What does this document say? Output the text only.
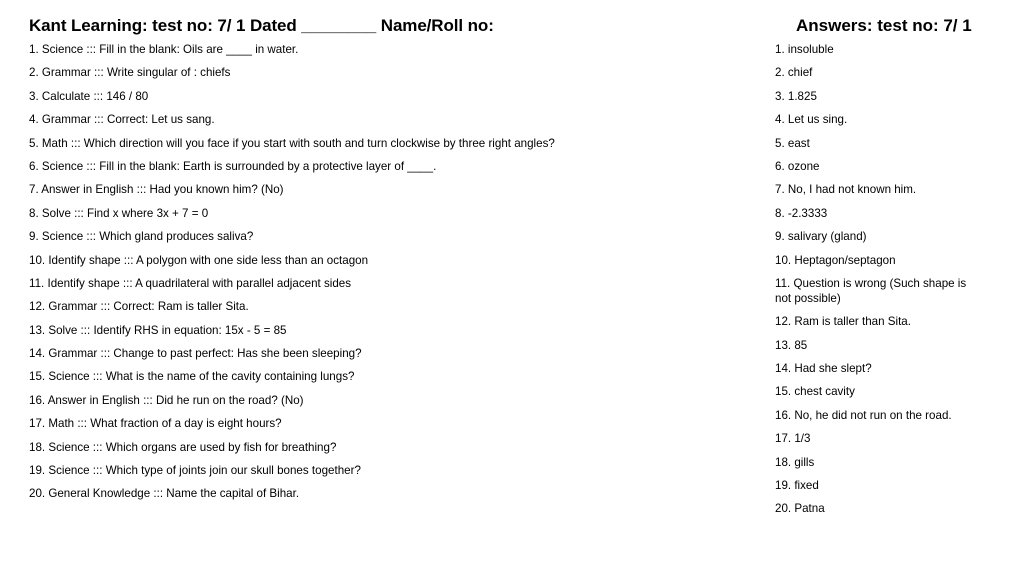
Kant Learning: test no: 7/ 1 Dated ________ Name/Roll no:	Answers: test no: 7/ 1
1. Science ::: Fill in the blank: Oils are ____ in water.
2. Grammar ::: Write singular of : chiefs
3. Calculate ::: 146 / 80
4. Grammar ::: Correct: Let us sang.
5. Math ::: Which direction will you face if you start with south and turn clockwise by three right angles?
6. Science ::: Fill in the blank: Earth is surrounded by a protective layer of ____.
7. Answer in English ::: Had you known him? (No)
8. Solve ::: Find x where 3x + 7 = 0
9. Science ::: Which gland produces saliva?
10. Identify shape ::: A polygon with one side less than an octagon
11. Identify shape ::: A quadrilateral with parallel adjacent sides
12. Grammar ::: Correct: Ram is taller Sita.
13. Solve ::: Identify RHS in equation: 15x - 5 = 85
14. Grammar ::: Change to past perfect: Has she been sleeping?
15. Science ::: What is the name of the cavity containing lungs?
16. Answer in English ::: Did he run on the road? (No)
17. Math ::: What fraction of a day is eight hours?
18. Science ::: Which organs are used by fish for breathing?
19. Science ::: Which type of joints join our skull bones together?
20. General Knowledge ::: Name the capital of Bihar.
1. insoluble
2. chief
3. 1.825
4. Let us sing.
5. east
6. ozone
7. No, I had not known him.
8. -2.3333
9. salivary (gland)
10. Heptagon/septagon
11. Question is wrong (Such shape is not possible)
12. Ram is taller than Sita.
13. 85
14. Had she slept?
15. chest cavity
16. No, he did not run on the road.
17. 1/3
18. gills
19. fixed
20. Patna
